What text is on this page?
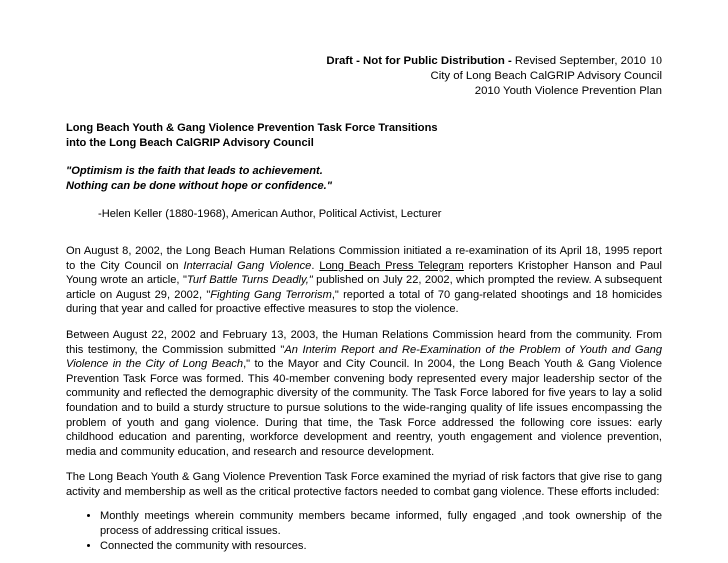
Draft - Not for Public Distribution - Revised September, 2010 10
City of Long Beach CalGRIP Advisory Council
2010 Youth Violence Prevention Plan
Long Beach Youth & Gang Violence Prevention Task Force Transitions
into the Long Beach CalGRIP Advisory Council
"Optimism is the faith that leads to achievement.
Nothing can be done without hope or confidence."
-Helen Keller (1880-1968), American Author, Political Activist, Lecturer

On August 8, 2002, the Long Beach Human Relations Commission initiated a re-examination of its April 18, 1995 report to the City Council on Interracial Gang Violence. Long Beach Press Telegram reporters Kristopher Hanson and Paul Young wrote an article, "Turf Battle Turns Deadly," published on July 22, 2002, which prompted the review. A subsequent article on August 29, 2002, "Fighting Gang Terrorism," reported a total of 70 gang-related shootings and 18 homicides during that year and called for proactive effective measures to stop the violence.

Between August 22, 2002 and February 13, 2003, the Human Relations Commission heard from the community. From this testimony, the Commission submitted "An Interim Report and Re-Examination of the Problem of Youth and Gang Violence in the City of Long Beach," to the Mayor and City Council. In 2004, the Long Beach Youth & Gang Violence Prevention Task Force was formed. This 40-member convening body represented every major leadership sector of the community and reflected the demographic diversity of the community. The Task Force labored for five years to lay a solid foundation and to build a sturdy structure to pursue solutions to the wide-ranging quality of life issues encompassing the problem of youth and gang violence. During that time, the Task Force addressed the following core issues: early childhood education and parenting, workforce development and reentry, youth engagement and violence prevention, media and community education, and research and resource development.

The Long Beach Youth & Gang Violence Prevention Task Force examined the myriad of risk factors that give rise to gang activity and membership as well as the critical protective factors needed to combat gang violence. These efforts included:

• Monthly meetings wherein community members became informed, fully engaged ,and took ownership of the process of addressing critical issues.
• Connected the community with resources.
